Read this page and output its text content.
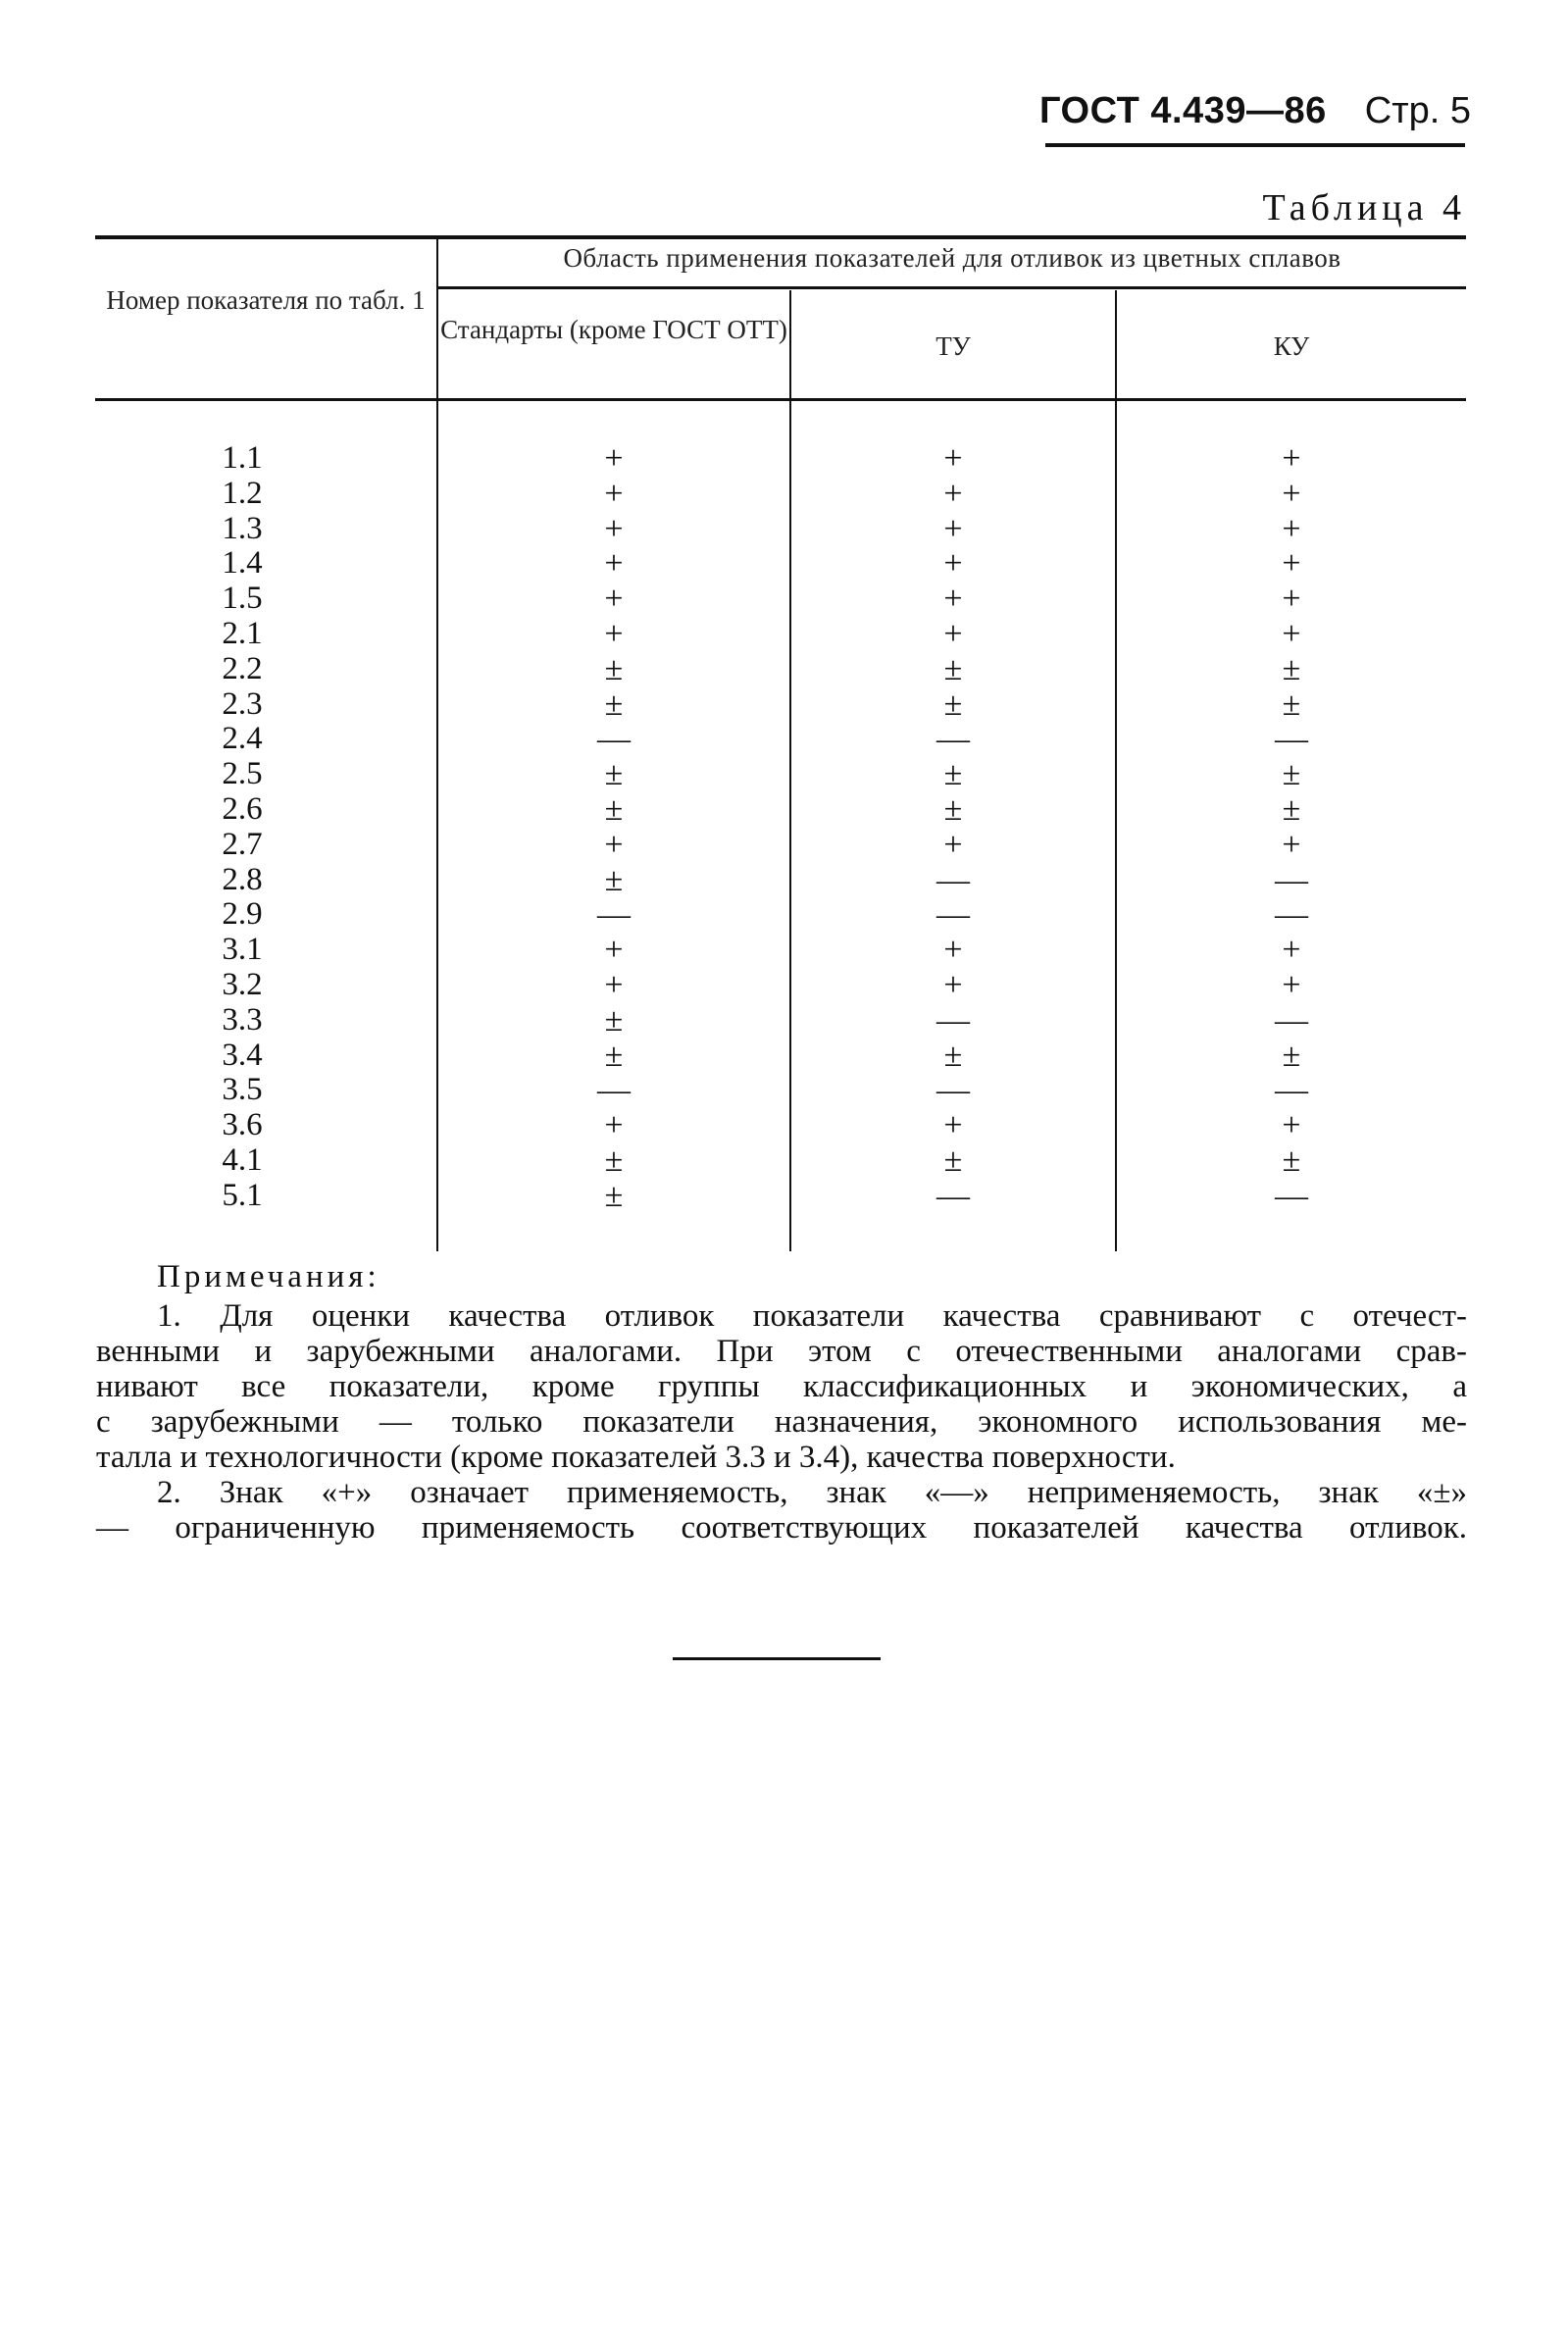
ГОСТ 4.439—86 Стр. 5
Таблица 4
Номер показателя по табл. 1
Область применения показателей для отливок из цветных сплавов
Стандарты (кроме ГОСТ ОТТ)
ТУ	КУ
1.1	+	+	+
1.2	+	+	+
1.3	+	+	+
1.4	+	+	+
1.5	+	+	+
2.1	+	+	+
2.2	±	±	±
2.3	±	±	±
2.4	—	—	—
2.5	±	±	±
2.6	±	±	±
2.7	+	+	+
2.8	±	—	—
2.9	—	—	—
3.1	+	+	+
3.2	+	+	+
3.3	±	—	—
3.4	±	±	±
3.5	—	—	—
3.6	+	+	+
4.1	±	±	±
5.1	±	—	—
Примечания:
1. Для оценки качества отливок показатели качества сравнивают с отечест-
венными и зарубежными аналогами. При этом с отечественными аналогами срав-
нивают все показатели, кроме группы классификационных и экономических, а
с зарубежными — только показатели назначения, экономного использования ме-
талла и технологичности (кроме показателей 3.3 и 3.4), качества поверхности.
2. Знак «+» означает применяемость, знак «—» неприменяемость, знак «±»
— ограниченную применяемость соответствующих показателей качества отливок.
